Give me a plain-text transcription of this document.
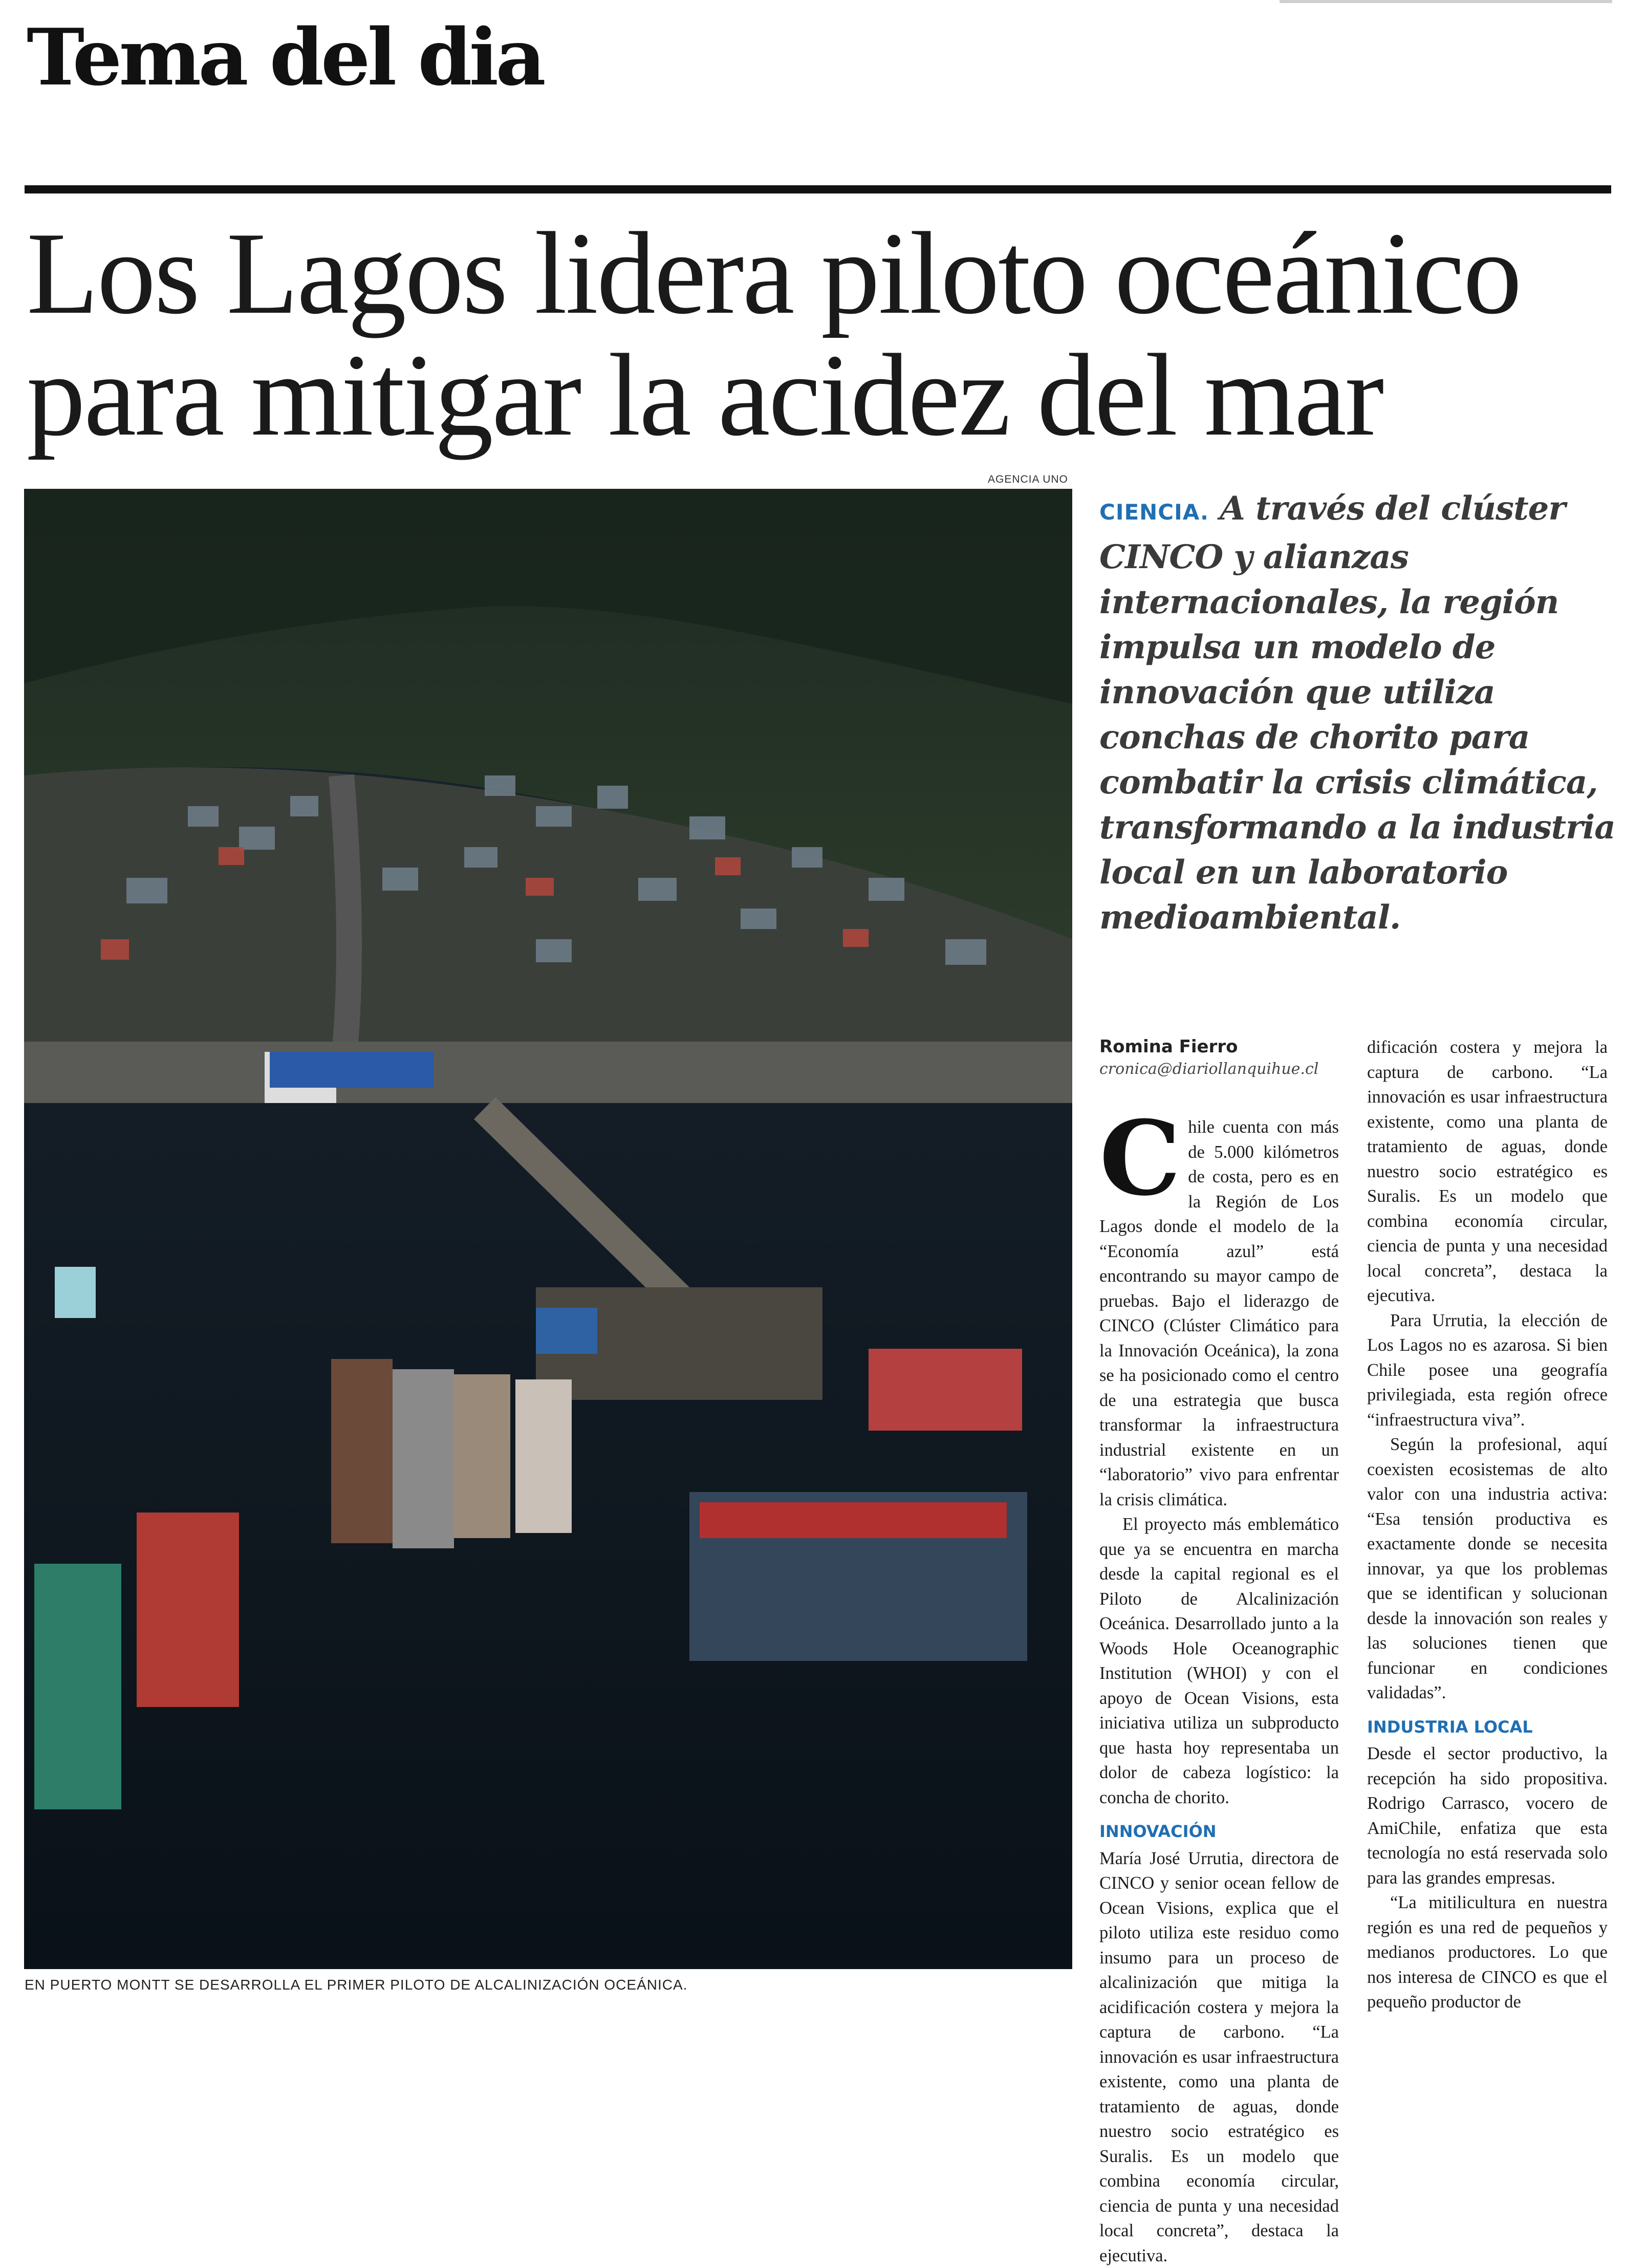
Tema del dia
Los Lagos lidera piloto oceánico
para mitigar la acidez del mar
AGENCIA UNO
EN PUERTO MONTT SE DESARROLLA EL PRIMER PILOTO DE ALCALINIZACIÓN OCEÁNICA.
CIENCIA. A través del clúster CINCO y alianzas internacionales, la región impulsa un modelo de innovación que utiliza conchas de chorito para combatir la crisis climática, transformando a la industria local en un laboratorio medioambiental.
Romina Fierro
cronica@diariollanquihue.cl

Chile cuenta con más de 5.000 kilómetros de costa, pero es en la Región de Los Lagos donde el modelo de la “Economía azul” está encontrando su mayor campo de pruebas. Bajo el liderazgo de CINCO (Clúster Climático para la Innovación Oceánica), la zona se ha posicionado como el centro de una estrategia que busca transformar la infraestructura industrial existente en un “laboratorio” vivo para enfrentar la crisis climática.

El proyecto más emblemático que ya se encuentra en marcha desde la capital regional es el Piloto de Alcalinización Oceánica. Desarrollado junto a la Woods Hole Oceanographic Institution (WHOI) y con el apoyo de Ocean Visions, esta iniciativa utiliza un subproducto que hasta hoy representaba un dolor de cabeza logístico: la concha de chorito.

INNOVACIÓN

María José Urrutia, directora de CINCO y senior ocean fellow de Ocean Visions, explica que el piloto utiliza este residuo como insumo para un proceso de alcalinización que mitiga la acidificación costera y mejora la captura de carbono. “La innovación es usar infraestructura existente, como una planta de tratamiento de aguas, donde nuestro socio estratégico es Suralis. Es un modelo que combina economía circular, ciencia de punta y una necesidad local concreta”, destaca la ejecutiva.

dificación costera y mejora la captura de carbono. “La innovación es usar infraestructura existente, como una planta de tratamiento de aguas, donde nuestro socio estratégico es Suralis. Es un modelo que combina economía circular, ciencia de punta y una necesidad local concreta”, destaca la ejecutiva.

Para Urrutia, la elección de Los Lagos no es azarosa. Si bien Chile posee una geografía privilegiada, esta región ofrece “infraestructura viva”.

Según la profesional, aquí coexisten ecosistemas de alto valor con una industria activa: “Esa tensión productiva es exactamente donde se necesita innovar, ya que los problemas que se identifican y solucionan desde la innovación son reales y las soluciones tienen que funcionar en condiciones validadas”.

INDUSTRIA LOCAL

Desde el sector productivo, la recepción ha sido propositiva. Rodrigo Carrasco, vocero de AmiChile, enfatiza que esta tecnología no está reservada solo para las grandes empresas.

“La mitilicultura en nuestra región es una red de pequeños y medianos productores. Lo que nos interesa de CINCO es que el pequeño productor de
